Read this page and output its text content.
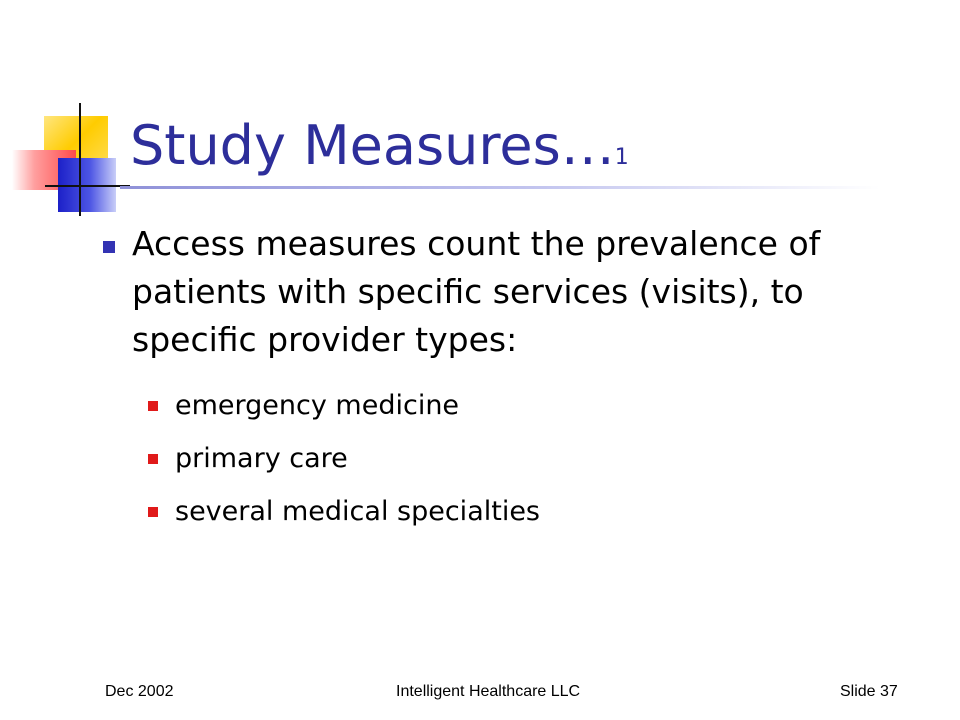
Study Measures…1

Access measures count the prevalence of patients with specific services (visits), to specific provider types:

emergency medicine

primary care

several medical specialties

Dec 2002	Intelligent Healthcare LLC	Slide 37
